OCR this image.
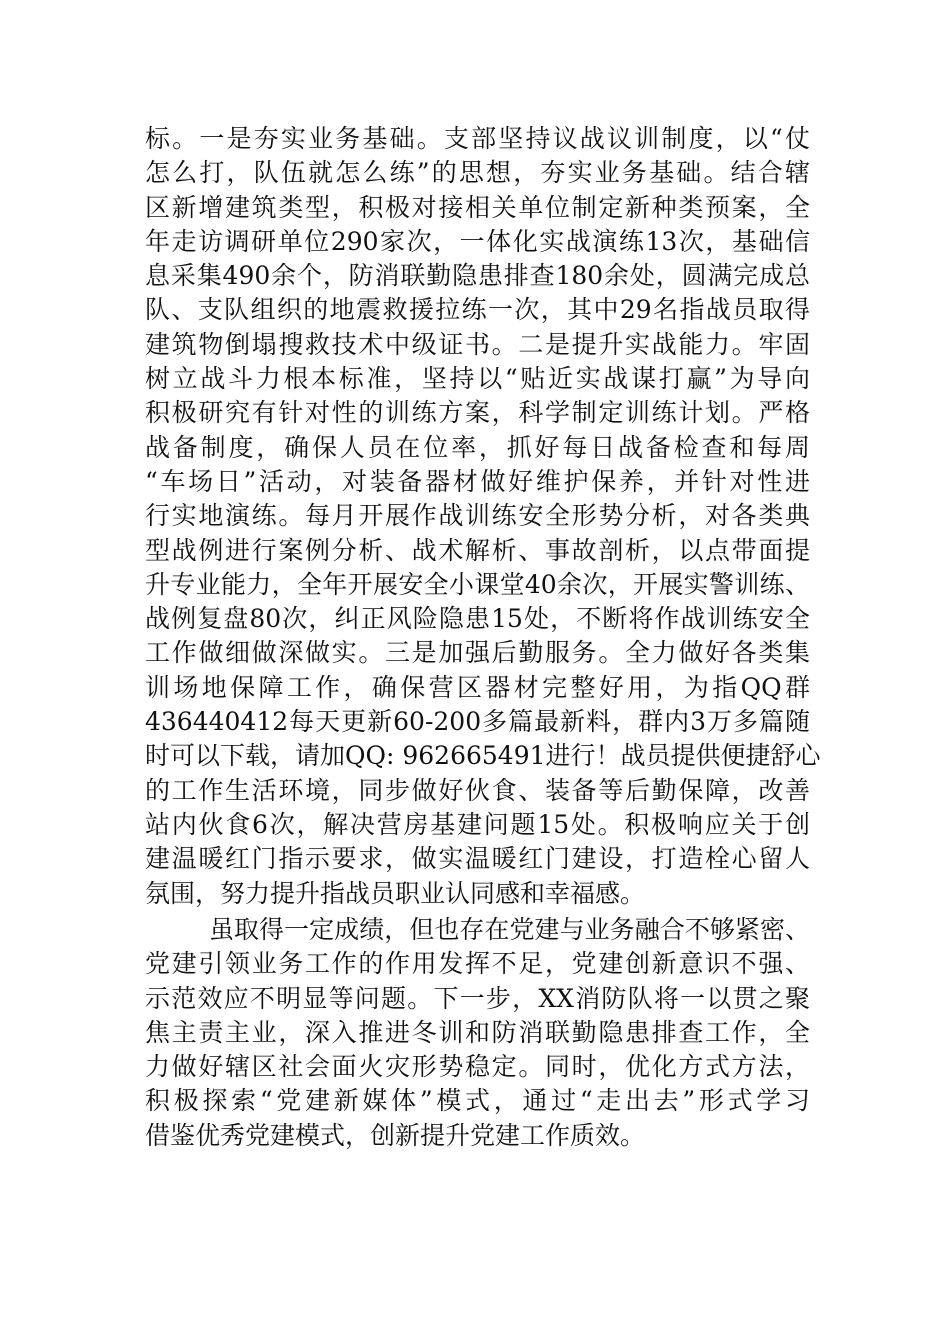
标。一是夯实业务基础。支部坚持议战议训制度，以“仗
怎么打，队伍就怎么练”的思想，夯实业务基础。结合辖
区新增建筑类型，积极对接相关单位制定新种类预案，全
年走访调研单位290家次，一体化实战演练13次，基础信
息采集490余个，防消联勤隐患排查180余处，圆满完成总
队、支队组织的地震救援拉练一次，其中29名指战员取得
建筑物倒塌搜救技术中级证书。二是提升实战能力。牢固
树立战斗力根本标准，坚持以“贴近实战谋打赢”为导向
积极研究有针对性的训练方案，科学制定训练计划。严格
战备制度，确保人员在位率，抓好每日战备检查和每周
“车场日”活动，对装备器材做好维护保养，并针对性进
行实地演练。每月开展作战训练安全形势分析，对各类典
型战例进行案例分析、战术解析、事故剖析，以点带面提
升专业能力，全年开展安全小课堂40余次，开展实警训练、
战例复盘80次，纠正风险隐患15处，不断将作战训练安全
工作做细做深做实。三是加强后勤服务。全力做好各类集
训场地保障工作，确保营区器材完整好用，为指QQ群
436440412每天更新60-200多篇最新料，群内3万多篇随
时可以下载，请加QQ: 962665491进行！战员提供便捷舒心
的工作生活环境，同步做好伙食、装备等后勤保障，改善
站内伙食6次，解决营房基建问题15处。积极响应关于创
建温暖红门指示要求，做实温暖红门建设，打造栓心留人
氛围，努力提升指战员职业认同感和幸福感。
虽取得一定成绩，但也存在党建与业务融合不够紧密、
党建引领业务工作的作用发挥不足，党建创新意识不强、
示范效应不明显等问题。下一步，XX消防队将一以贯之聚
焦主责主业，深入推进冬训和防消联勤隐患排查工作，全
力做好辖区社会面火灾形势稳定。同时，优化方式方法，
积极探索“党建新媒体”模式，通过“走出去”形式学习
借鉴优秀党建模式，创新提升党建工作质效。
